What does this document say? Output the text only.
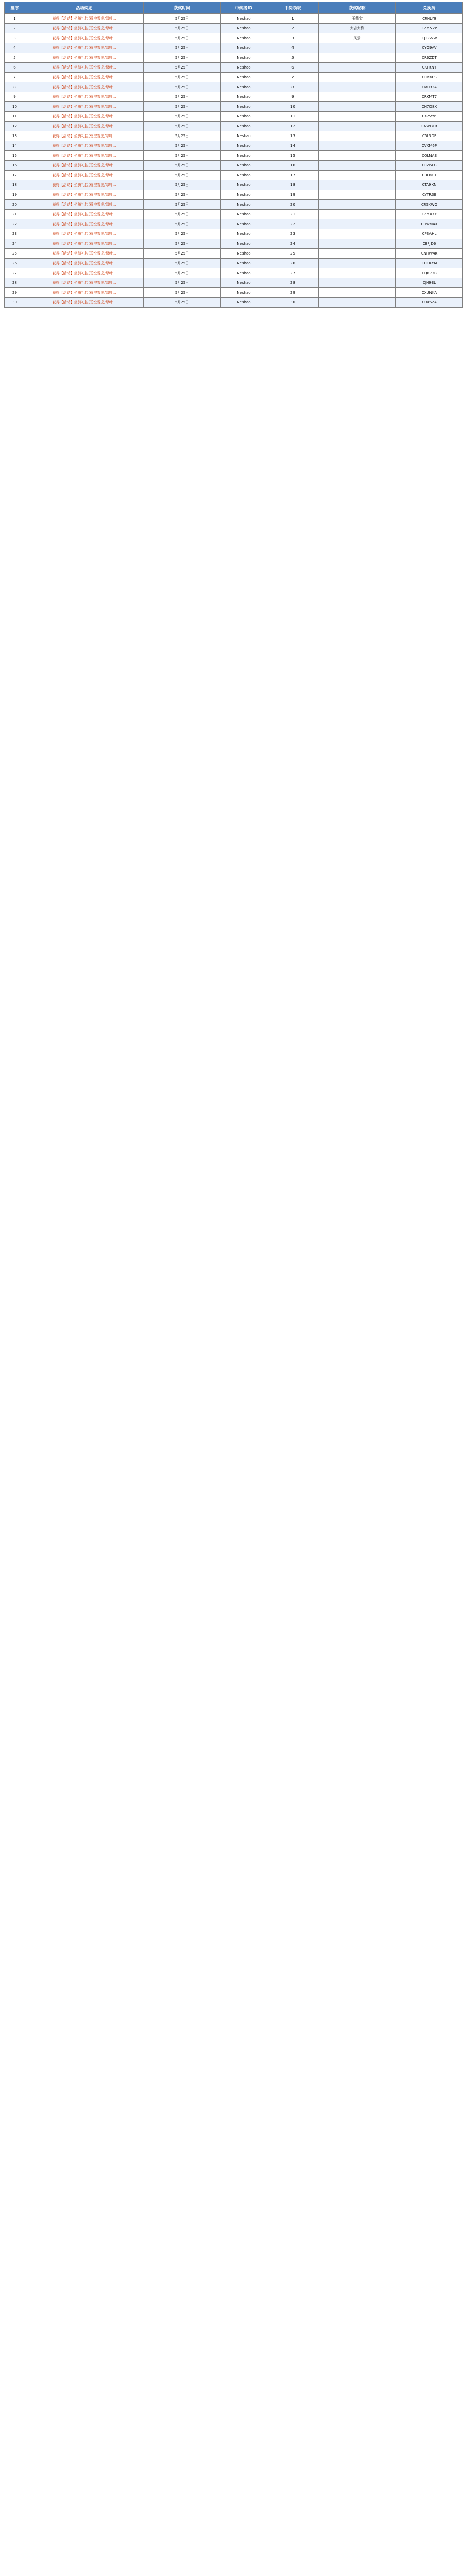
排序	活动奖励	获奖时间	中奖者ID	中奖领取	获奖昵称	兑换码
1	获得【活动】坐骑礼包(碧空雪虎/绿叶...	5月25日	Neshao	1	玉茄宝	CRNLY9
2	获得【活动】坐骑礼包(碧空雪虎/绿叶...	5月25日	Neshao	2	大吉大利	CZMN2P
3	获得【活动】坐骑礼包(碧空雪虎/绿叶...	5月25日	Neshao	3	风云	CJT2WW
4	获得【活动】坐骑礼包(碧空雪虎/绿叶...	5月25日	Neshao	4		CYQ9AV
5	获得【活动】坐骑礼包(碧空雪虎/绿叶...	5月25日	Neshao	5		CR6ZDT
6	获得【活动】坐骑礼包(碧空雪虎/绿叶...	5月25日	Neshao	6		CKTRNY
7	获得【活动】坐骑礼包(碧空雪虎/绿叶...	5月25日	Neshao	7		CFMKCS
8	获得【活动】坐骑礼包(碧空雪虎/绿叶...	5月25日	Neshao	8		CMLR3A
9	获得【活动】坐骑礼包(碧空雪虎/绿叶...	5月25日	Neshao	9		CRKMT7
10	获得【活动】坐骑礼包(碧空雪虎/绿叶...	5月25日	Neshao	10		CH7Q8X
11	获得【活动】坐骑礼包(碧空雪虎/绿叶...	5月25日	Neshao	11		CX2VY6
12	获得【活动】坐骑礼包(碧空雪虎/绿叶...	5月25日	Neshao	12		CNWBLR
13	获得【活动】坐骑礼包(碧空雪虎/绿叶...	5月25日	Neshao	13		C5L3DF
14	获得【活动】坐骑礼包(碧空雪虎/绿叶...	5月25日	Neshao	14		CVXM6P
15	获得【活动】坐骑礼包(碧空雪虎/绿叶...	5月25日	Neshao	15		CQLNAE
16	获得【活动】坐骑礼包(碧空雪虎/绿叶...	5月25日	Neshao	16		CRZ6FG
17	获得【活动】坐骑礼包(碧空雪虎/绿叶...	5月25日	Neshao	17		CUL8GT
18	获得【活动】坐骑礼包(碧空雪虎/绿叶...	5月25日	Neshao	18		CTA9KN
19	获得【活动】坐骑礼包(碧空雪虎/绿叶...	5月25日	Neshao	19		CYTR3E
20	获得【活动】坐骑礼包(碧空雪虎/绿叶...	5月25日	Neshao	20		CR5KWQ
21	获得【活动】坐骑礼包(碧空雪虎/绿叶...	5月25日	Neshao	21		CZMAKY
22	获得【活动】坐骑礼包(碧空雪虎/绿叶...	5月25日	Neshao	22		CDWN4X
23	获得【活动】坐骑礼包(碧空雪虎/绿叶...	5月25日	Neshao	23		CPSAHL
24	获得【活动】坐骑礼包(碧空雪虎/绿叶...	5月25日	Neshao	24		CBFJD6
25	获得【活动】坐骑礼包(碧空雪虎/绿叶...	5月25日	Neshao	25		CNHW4K
26	获得【活动】坐骑礼包(碧空雪虎/绿叶...	5月25日	Neshao	26		CHCKYM
27	获得【活动】坐骑礼包(碧空雪虎/绿叶...	5月25日	Neshao	27		CQRP3B
28	获得【活动】坐骑礼包(碧空雪虎/绿叶...	5月25日	Neshao	28		CJH9EL
29	获得【活动】坐骑礼包(碧空雪虎/绿叶...	5月25日	Neshao	29		CXUNKA
30	获得【活动】坐骑礼包(碧空雪虎/绿叶...	5月25日	Neshao	30		CUX5Z4
